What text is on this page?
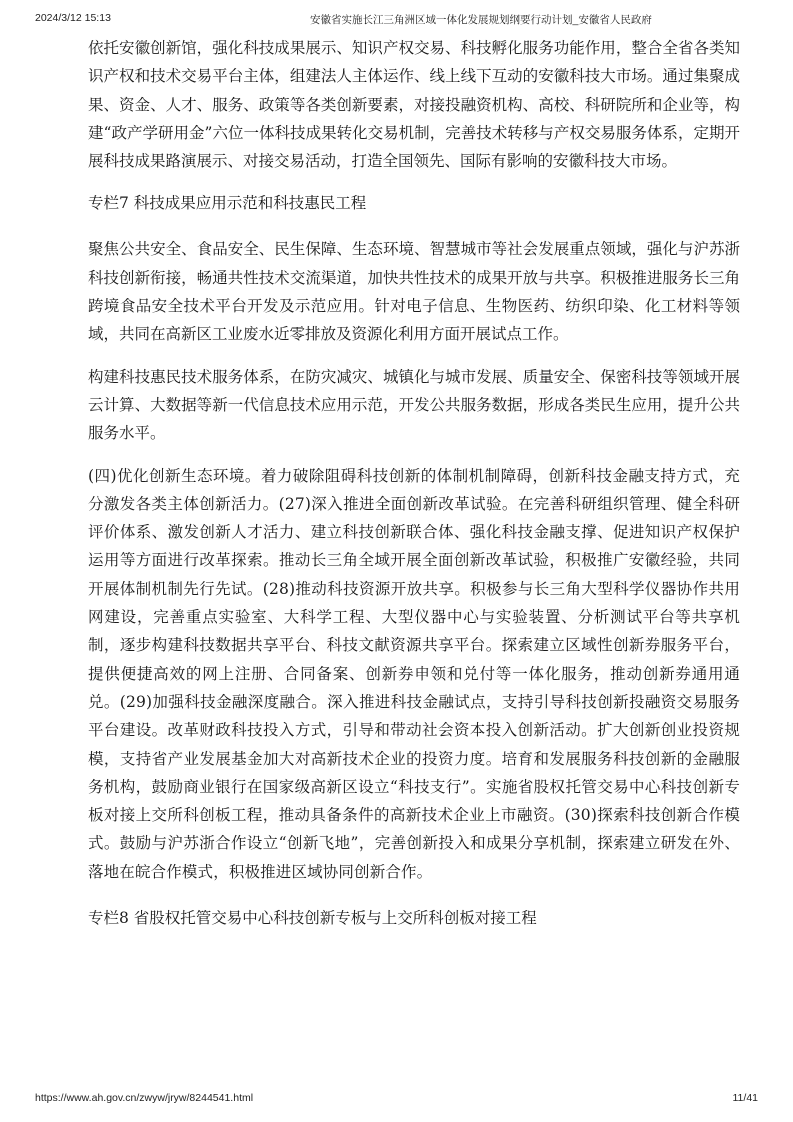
2024/3/12 15:13	安徽省实施长江三角洲区域一体化发展规划纲要行动计划_安徽省人民政府

依托安徽创新馆，强化科技成果展示、知识产权交易、科技孵化服务功能作用，整合全省各类知识产权和技术交易平台主体，组建法人主体运作、线上线下互动的安徽科技大市场。通过集聚成果、资金、人才、服务、政策等各类创新要素，对接投融资机构、高校、科研院所和企业等，构建“政产学研用金”六位一体科技成果转化交易机制，完善技术转移与产权交易服务体系，定期开展科技成果路演展示、对接交易活动，打造全国领先、国际有影响的安徽科技大市场。

专栏7 科技成果应用示范和科技惠民工程

聚焦公共安全、食品安全、民生保障、生态环境、智慧城市等社会发展重点领域，强化与沪苏浙科技创新衔接，畅通共性技术交流渠道，加快共性技术的成果开放与共享。积极推进服务长三角跨境食品安全技术平台开发及示范应用。针对电子信息、生物医药、纺织印染、化工材料等领域，共同在高新区工业废水近零排放及资源化利用方面开展试点工作。

构建科技惠民技术服务体系，在防灾减灾、城镇化与城市发展、质量安全、保密科技等领域开展云计算、大数据等新一代信息技术应用示范，开发公共服务数据，形成各类民生应用，提升公共服务水平。

(四)优化创新生态环境。着力破除阻碍科技创新的体制机制障碍，创新科技金融支持方式，充分激发各类主体创新活力。(27)深入推进全面创新改革试验。在完善科研组织管理、健全科研评价体系、激发创新人才活力、建立科技创新联合体、强化科技金融支撑、促进知识产权保护运用等方面进行改革探索。推动长三角全域开展全面创新改革试验，积极推广安徽经验，共同开展体制机制先行先试。(28)推动科技资源开放共享。积极参与长三角大型科学仪器协作共用网建设，完善重点实验室、大科学工程、大型仪器中心与实验装置、分析测试平台等共享机制，逐步构建科技数据共享平台、科技文献资源共享平台。探索建立区域性创新券服务平台，提供便捷高效的网上注册、合同备案、创新券申领和兑付等一体化服务，推动创新券通用通兑。(29)加强科技金融深度融合。深入推进科技金融试点，支持引导科技创新投融资交易服务平台建设。改革财政科技投入方式，引导和带动社会资本投入创新活动。扩大创新创业投资规模，支持省产业发展基金加大对高新技术企业的投资力度。培育和发展服务科技创新的金融服务机构，鼓励商业银行在国家级高新区设立“科技支行”。实施省股权托管交易中心科技创新专板对接上交所科创板工程，推动具备条件的高新技术企业上市融资。(30)探索科技创新合作模式。鼓励与沪苏浙合作设立“创新飞地”，完善创新投入和成果分享机制，探索建立研发在外、落地在皖合作模式，积极推进区域协同创新合作。

专栏8 省股权托管交易中心科技创新专板与上交所科创板对接工程

https://www.ah.gov.cn/zwyw/jryw/8244541.html	11/41
